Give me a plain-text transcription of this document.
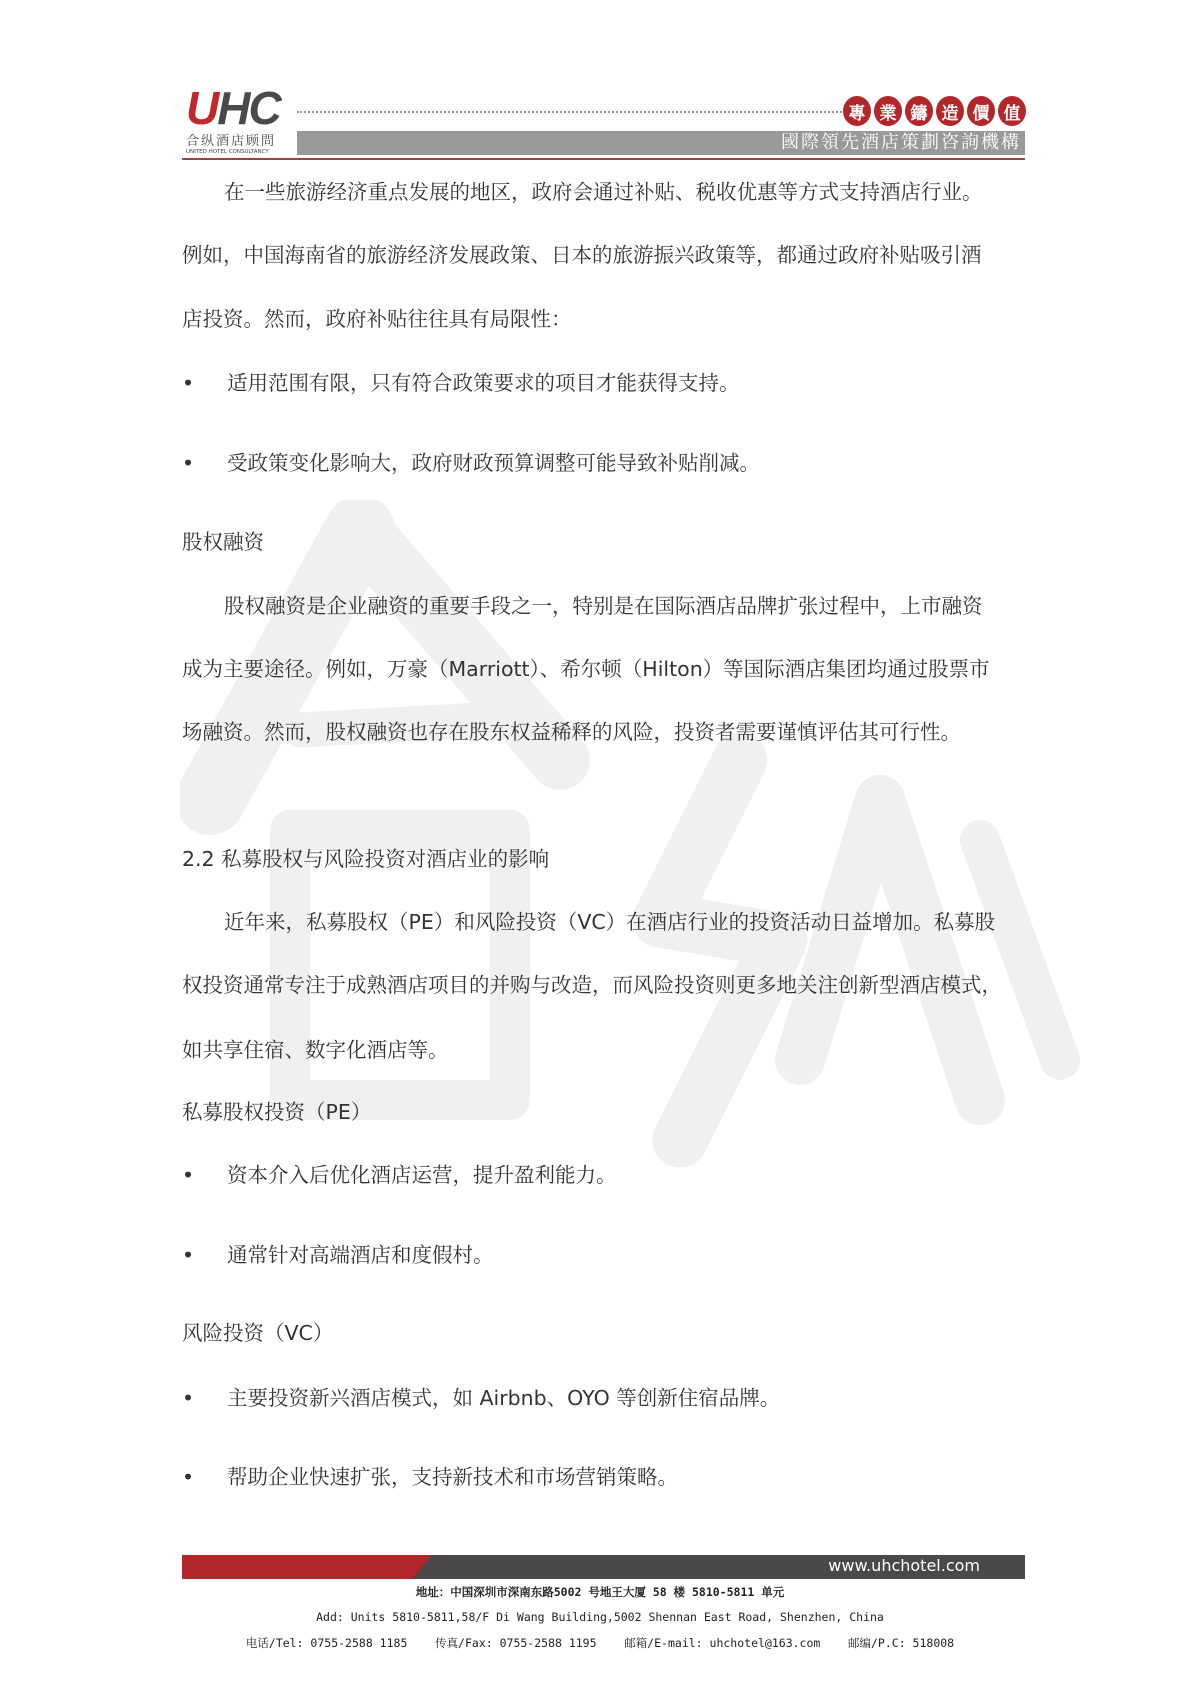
UHC
合纵酒店顾問
UNITED HOTEL CONSULTANCY
專 業 鑄 造 價 值
國際領先酒店策劃咨詢機構
在一些旅游经济重点发展的地区，政府会通过补贴、税收优惠等方式支持酒店行业。
例如，中国海南省的旅游经济发展政策、日本的旅游振兴政策等，都通过政府补贴吸引酒
店投资。然而，政府补贴往往具有局限性：
• 适用范围有限，只有符合政策要求的项目才能获得支持。
• 受政策变化影响大，政府财政预算调整可能导致补贴削减。
股权融资
股权融资是企业融资的重要手段之一，特别是在国际酒店品牌扩张过程中，上市融资
成为主要途径。例如，万豪（Marriott）、希尔顿（Hilton）等国际酒店集团均通过股票市
场融资。然而，股权融资也存在股东权益稀释的风险，投资者需要谨慎评估其可行性。
2.2 私募股权与风险投资对酒店业的影响
近年来，私募股权（PE）和风险投资（VC）在酒店行业的投资活动日益增加。私募股
权投资通常专注于成熟酒店项目的并购与改造，而风险投资则更多地关注创新型酒店模式，
如共享住宿、数字化酒店等。
私募股权投资（PE）
• 资本介入后优化酒店运营，提升盈利能力。
• 通常针对高端酒店和度假村。
风险投资（VC）
• 主要投资新兴酒店模式，如 Airbnb、OYO 等创新住宿品牌。
• 帮助企业快速扩张，支持新技术和市场营销策略。
www.uhchotel.com
地址：中国深圳市深南东路5002 号地王大厦 58 楼 5810-5811 单元
Add: Units 5810-5811,58/F Di Wang Building,5002 Shennan East Road, Shenzhen, China
电话/Tel: 0755-2588 1185    传真/Fax: 0755-2588 1195    邮箱/E-mail: uhchotel@163.com    邮编/P.C: 518008
